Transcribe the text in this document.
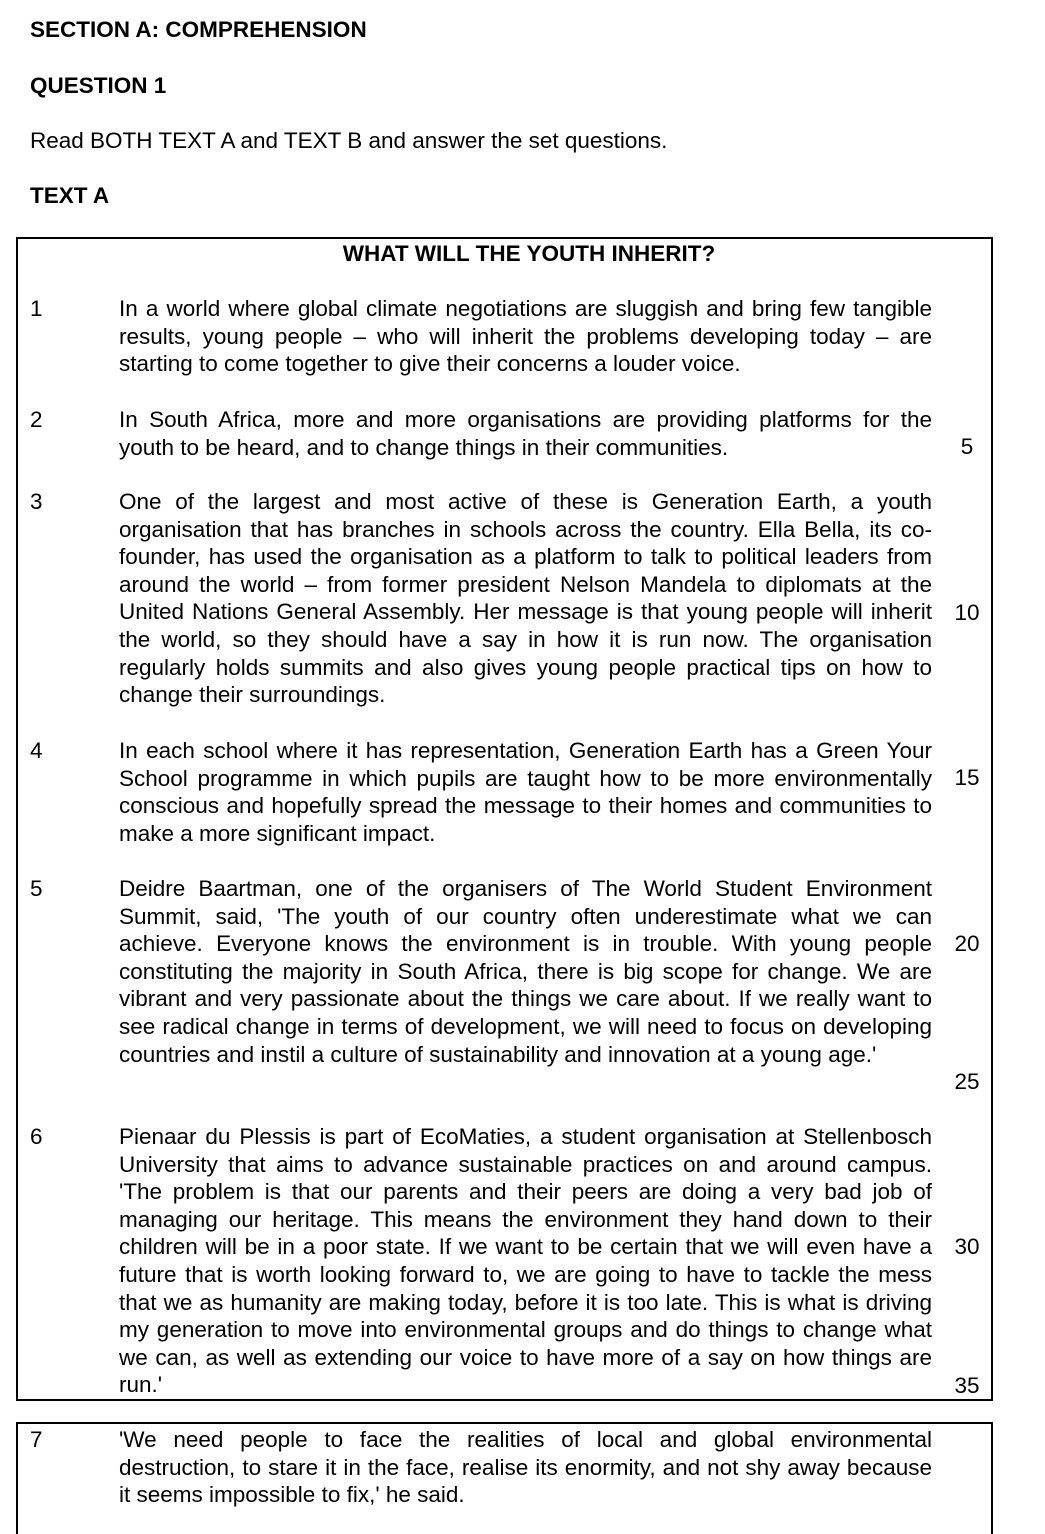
SECTION A: COMPREHENSION
QUESTION 1
Read BOTH TEXT A and TEXT B and answer the set questions.
TEXT A
WHAT WILL THE YOUTH INHERIT?
1
2
3
4
5
6
7
In a world where global climate negotiations are sluggish and bring few tangible results, young people – who will inherit the problems developing today – are starting to come together to give their concerns a louder voice.
In South Africa, more and more organisations are providing platforms for the youth to be heard, and to change things in their communities.
One of the largest and most active of these is Generation Earth, a youth organisation that has branches in schools across the country. Ella Bella, its co-founder, has used the organisation as a platform to talk to political leaders from around the world – from former president Nelson Mandela to diplomats at the United Nations General Assembly. Her message is that young people will inherit the world, so they should have a say in how it is run now. The organisation regularly holds summits and also gives young people practical tips on how to change their surroundings.
In each school where it has representation, Generation Earth has a Green Your School programme in which pupils are taught how to be more environmentally conscious and hopefully spread the message to their homes and communities to make a more significant impact.
Deidre Baartman, one of the organisers of The World Student Environment Summit, said, 'The youth of our country often underestimate what we can achieve. Everyone knows the environment is in trouble. With young people constituting the majority in South Africa, there is big scope for change. We are vibrant and very passionate about the things we care about. If we really want to see radical change in terms of development, we will need to focus on developing countries and instil a culture of sustainability and innovation at a young age.'
Pienaar du Plessis is part of EcoMaties, a student organisation at Stellenbosch University that aims to advance sustainable practices on and around campus. 'The problem is that our parents and their peers are doing a very bad job of managing our heritage. This means the environment they hand down to their children will be in a poor state. If we want to be certain that we will even have a future that is worth looking forward to, we are going to have to tackle the mess that we as humanity are making today, before it is too late. This is what is driving my generation to move into environmental groups and do things to change what we can, as well as extending our voice to have more of a say on how things are run.'
'We need people to face the realities of local and global environmental destruction, to stare it in the face, realise its enormity, and not shy away because it seems impossible to fix,' he said.
5
10
15
20
25
30
35
